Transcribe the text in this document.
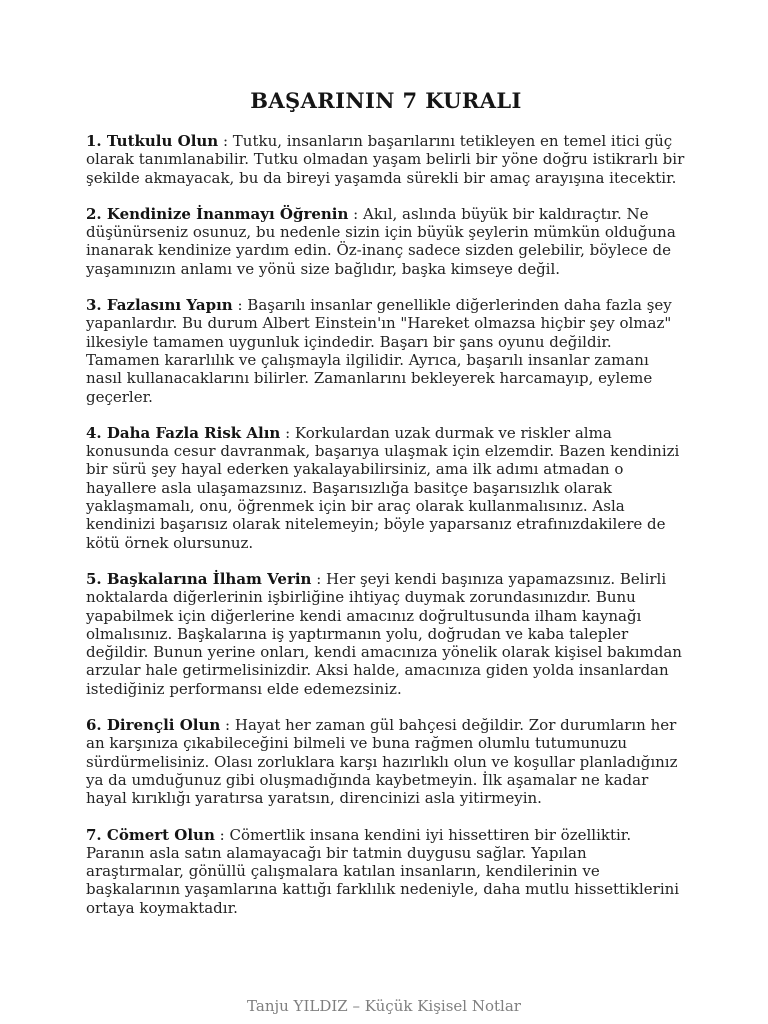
BAŞARININ 7 KURALI

1. Tutkulu Olun : Tutku, insanların başarılarını tetikleyen en temel itici güç olarak tanımlanabilir. Tutku olmadan yaşam belirli bir yöne doğru istikrarlı bir şekilde akmayacak, bu da bireyi yaşamda sürekli bir amaç arayışına itecektir.

2. Kendinize İnanmayı Öğrenin : Akıl, aslında büyük bir kaldıraçtır. Ne düşünürseniz osunuz, bu nedenle sizin için büyük şeylerin mümkün olduğuna inanarak kendinize yardım edin. Öz-inanç sadece sizden gelebilir, böylece de yaşamınızın anlamı ve yönü size bağlıdır, başka kimseye değil.

3. Fazlasını Yapın : Başarılı insanlar genellikle diğerlerinden daha fazla şey yapanlardır. Bu durum Albert Einstein'ın "Hareket olmazsa hiçbir şey olmaz" ilkesiyle tamamen uygunluk içindedir. Başarı bir şans oyunu değildir. Tamamen kararlılık ve çalışmayla ilgilidir. Ayrıca, başarılı insanlar zamanı nasıl kullanacaklarını bilirler. Zamanlarını bekleyerek harcamayıp, eyleme geçerler.

4. Daha Fazla Risk Alın : Korkulardan uzak durmak ve riskler alma konusunda cesur davranmak, başarıya ulaşmak için elzemdir. Bazen kendinizi bir sürü şey hayal ederken yakalayabilirsiniz, ama ilk adımı atmadan o hayallere asla ulaşamazsınız. Başarısızlığa basitçe başarısızlık olarak yaklaşmamalı, onu, öğrenmek için bir araç olarak kullanmalısınız. Asla kendinizi başarısız olarak nitelemeyin; böyle yaparsanız etrafınızdakilere de kötü örnek olursunuz.

5. Başkalarına İlham Verin : Her şeyi kendi başınıza yapamazsınız. Belirli noktalarda diğerlerinin işbirliğine ihtiyaç duymak zorundasınızdır. Bunu yapabilmek için diğerlerine kendi amacınız doğrultusunda ilham kaynağı olmalısınız. Başkalarına iş yaptırmanın yolu, doğrudan ve kaba talepler değildir. Bunun yerine onları, kendi amacınıza yönelik olarak kişisel bakımdan arzular hale getirmelisinizdir. Aksi halde, amacınıza giden yolda insanlardan istediğiniz performansı elde edemezsiniz.

6. Dirençli Olun : Hayat her zaman gül bahçesi değildir. Zor durumların her an karşınıza çıkabileceğini bilmeli ve buna rağmen olumlu tutumunuzu sürdürmelisiniz. Olası zorluklara karşı hazırlıklı olun ve koşullar planladığınız ya da umduğunuz gibi oluşmadığında kaybetmeyin. İlk aşamalar ne kadar hayal kırıklığı yaratırsa yaratsın, direncinizi asla yitirmeyin.

7. Cömert Olun : Cömertlik insana kendini iyi hissettiren bir özelliktir. Paranın asla satın alamayacağı bir tatmin duygusu sağlar. Yapılan araştırmalar, gönüllü çalışmalara katılan insanların, kendilerinin ve başkalarının yaşamlarına kattığı farklılık nedeniyle, daha mutlu hissettiklerini ortaya koymaktadır.

Tanju YILDIZ – Küçük Kişisel Notlar
